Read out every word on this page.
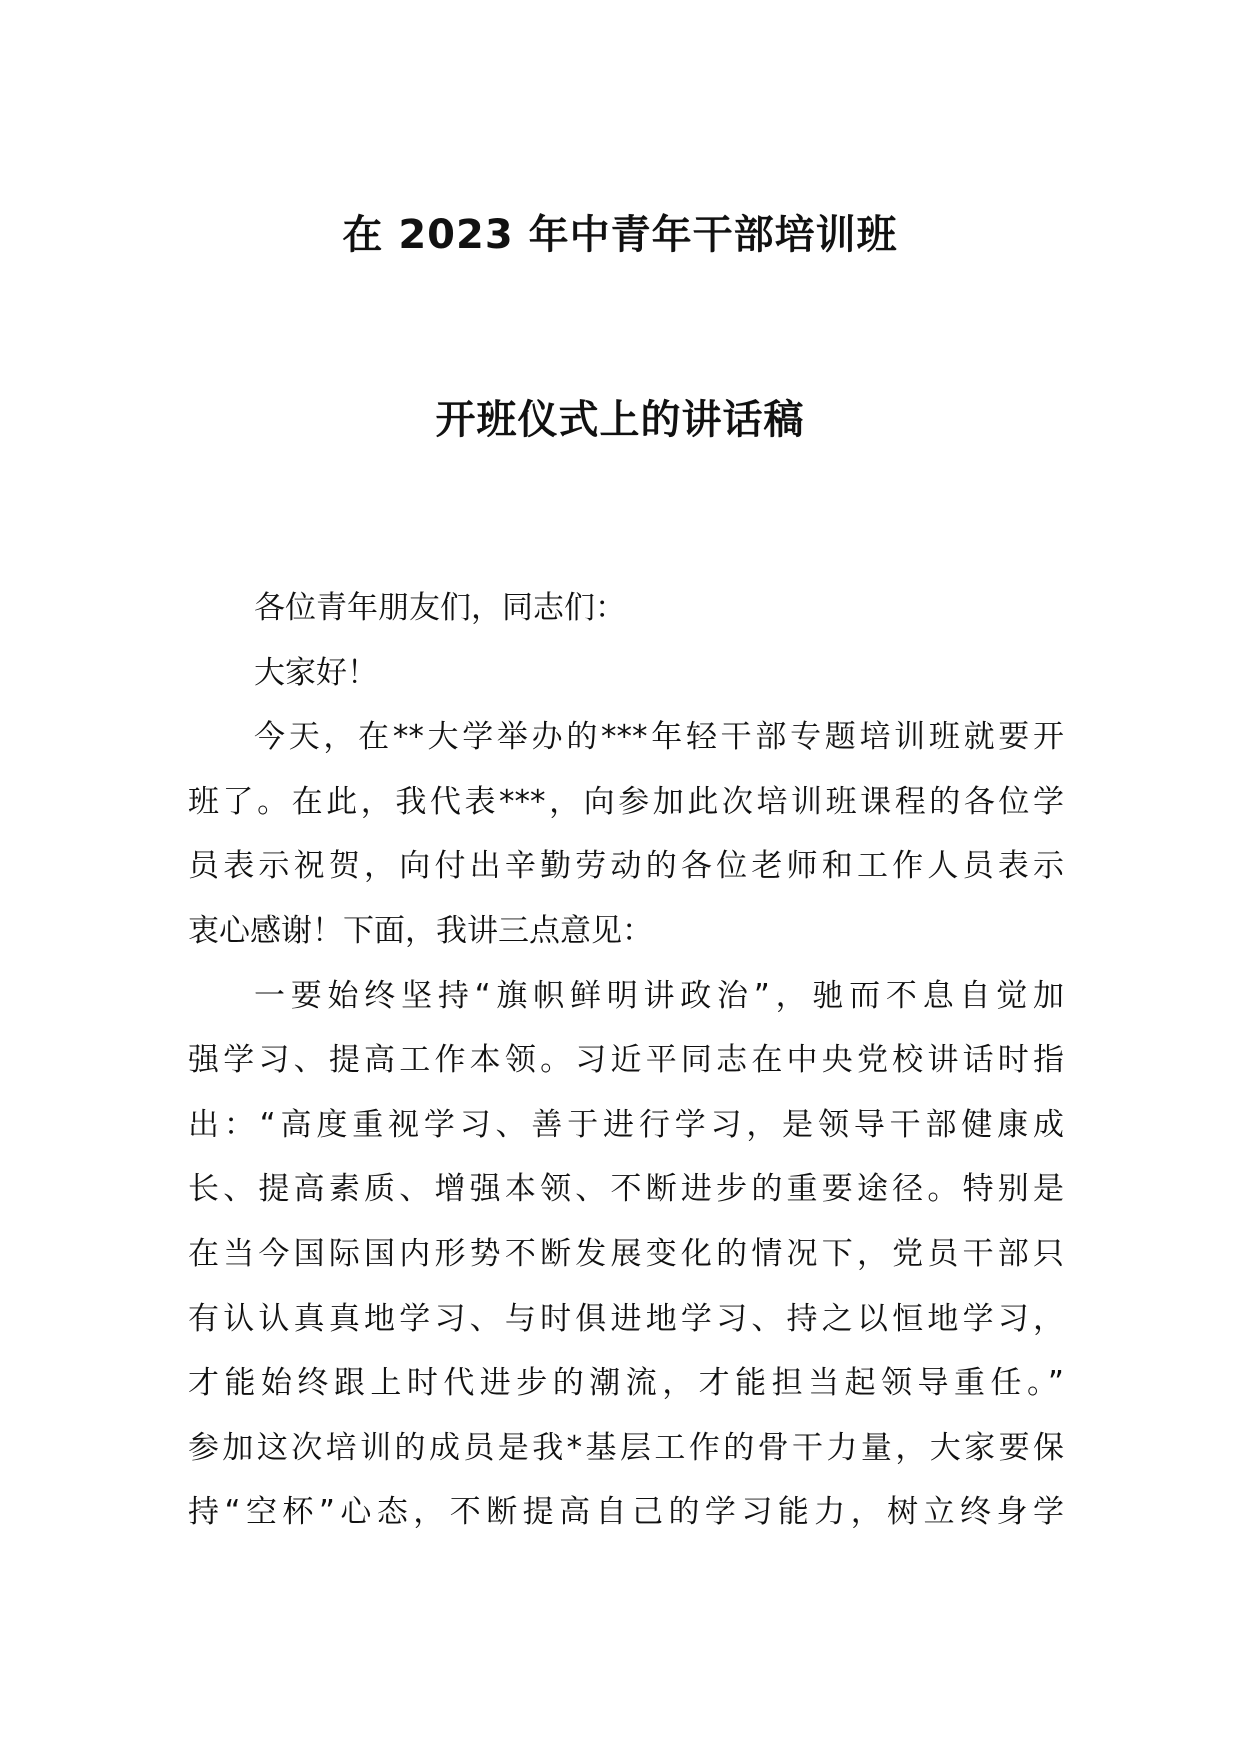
在 2023 年中青年干部培训班
开班仪式上的讲话稿
各位青年朋友们，同志们：
大家好！
今天，在**大学举办的***年轻干部专题培训班就要开
班了。在此，我代表***，向参加此次培训班课程的各位学
员表示祝贺，向付出辛勤劳动的各位老师和工作人员表示
衷心感谢！下面，我讲三点意见：
一要始终坚持“旗帜鲜明讲政治”，驰而不息自觉加
强学习、提高工作本领。习近平同志在中央党校讲话时指
出：“高度重视学习、善于进行学习，是领导干部健康成
长、提高素质、增强本领、不断进步的重要途径。特别是
在当今国际国内形势不断发展变化的情况下，党员干部只
有认认真真地学习、与时俱进地学习、持之以恒地学习，
才能始终跟上时代进步的潮流，才能担当起领导重任。”
参加这次培训的成员是我*基层工作的骨干力量，大家要保
持“空杯”心态，不断提高自己的学习能力，树立终身学
